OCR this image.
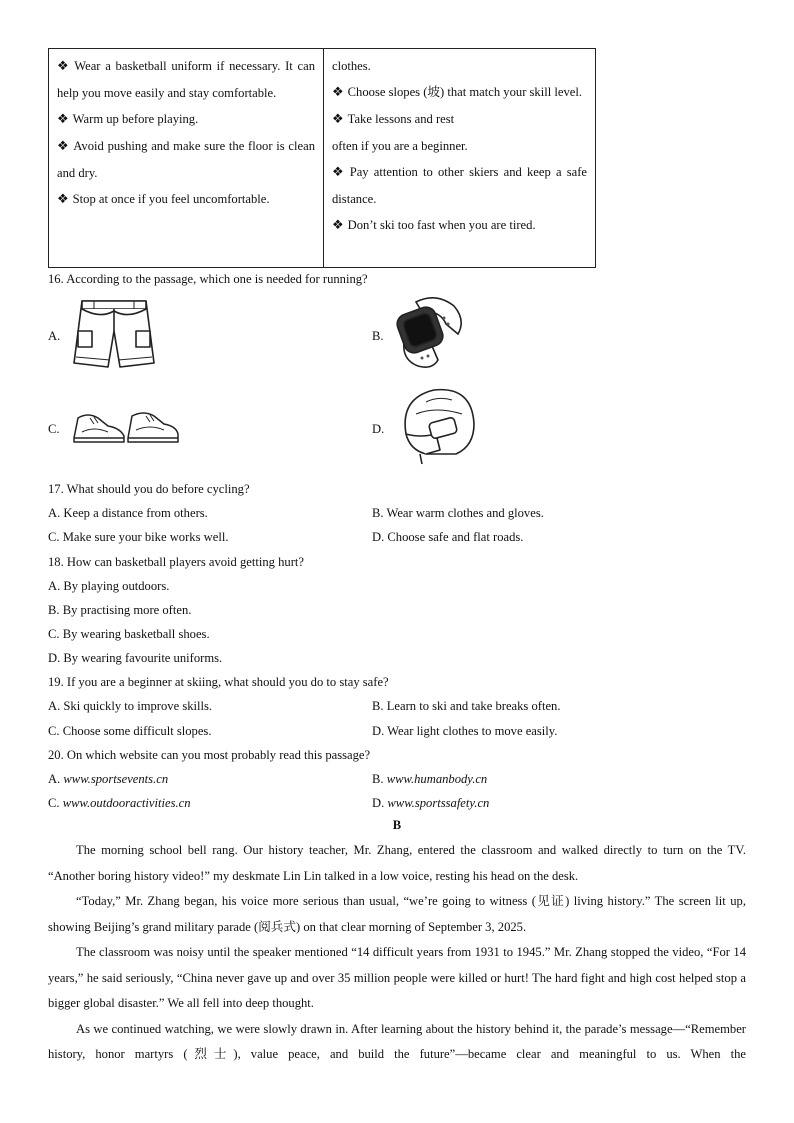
❖ Wear a basketball uniform if necessary. It can help you move easily and stay comfortable.

❖ Warm up before playing.

❖ Avoid pushing and make sure the floor is clean and dry.

❖ Stop at once if you feel uncomfortable.

clothes.

❖ Choose slopes (坡) that match your skill level.

❖ Take lessons and rest
often if you are a beginner.

❖ Pay attention to other skiers and keep a safe distance.

❖ Don’t ski too fast when you are tired.

16. According to the passage, which one is needed for running?
A.	B.
C.	D.
17. What should you do before cycling?
A. Keep a distance from others.	B. Wear warm clothes and gloves.
C. Make sure your bike works well.	D. Choose safe and flat roads.
18. How can basketball players avoid getting hurt?
A. By playing outdoors.
B. By practising more often.
C. By wearing basketball shoes.
D. By wearing favourite uniforms.
19. If you are a beginner at skiing, what should you do to stay safe?
A. Ski quickly to improve skills.	B. Learn to ski and take breaks often.
C. Choose some difficult slopes.	D. Wear light clothes to move easily.
20. On which website can you most probably read this passage?
A. www.sportsevents.cn	B. www.humanbody.cn
C. www.outdooractivities.cn	D. www.sportssafety.cn
B

The morning school bell rang. Our history teacher, Mr. Zhang, entered the classroom and walked directly to turn on the TV. “Another boring history video!” my deskmate Lin Lin talked in a low voice, resting his head on the desk.

“Today,” Mr. Zhang began, his voice more serious than usual, “we’re going to witness (见证) living history.” The screen lit up, showing Beijing’s grand military parade (阅兵式) on that clear morning of September 3, 2025.

The classroom was noisy until the speaker mentioned “14 difficult years from 1931 to 1945.” Mr. Zhang stopped the video, “For 14 years,” he said seriously, “China never gave up and over 35 million people were killed or hurt! The hard fight and high cost helped stop a bigger global disaster.” We all fell into deep thought.

As we continued watching, we were slowly drawn in. After learning about the history behind it, the parade’s message—“Remember history, honor martyrs (烈士), value peace, and build the future”—became clear and meaningful to us. When the
